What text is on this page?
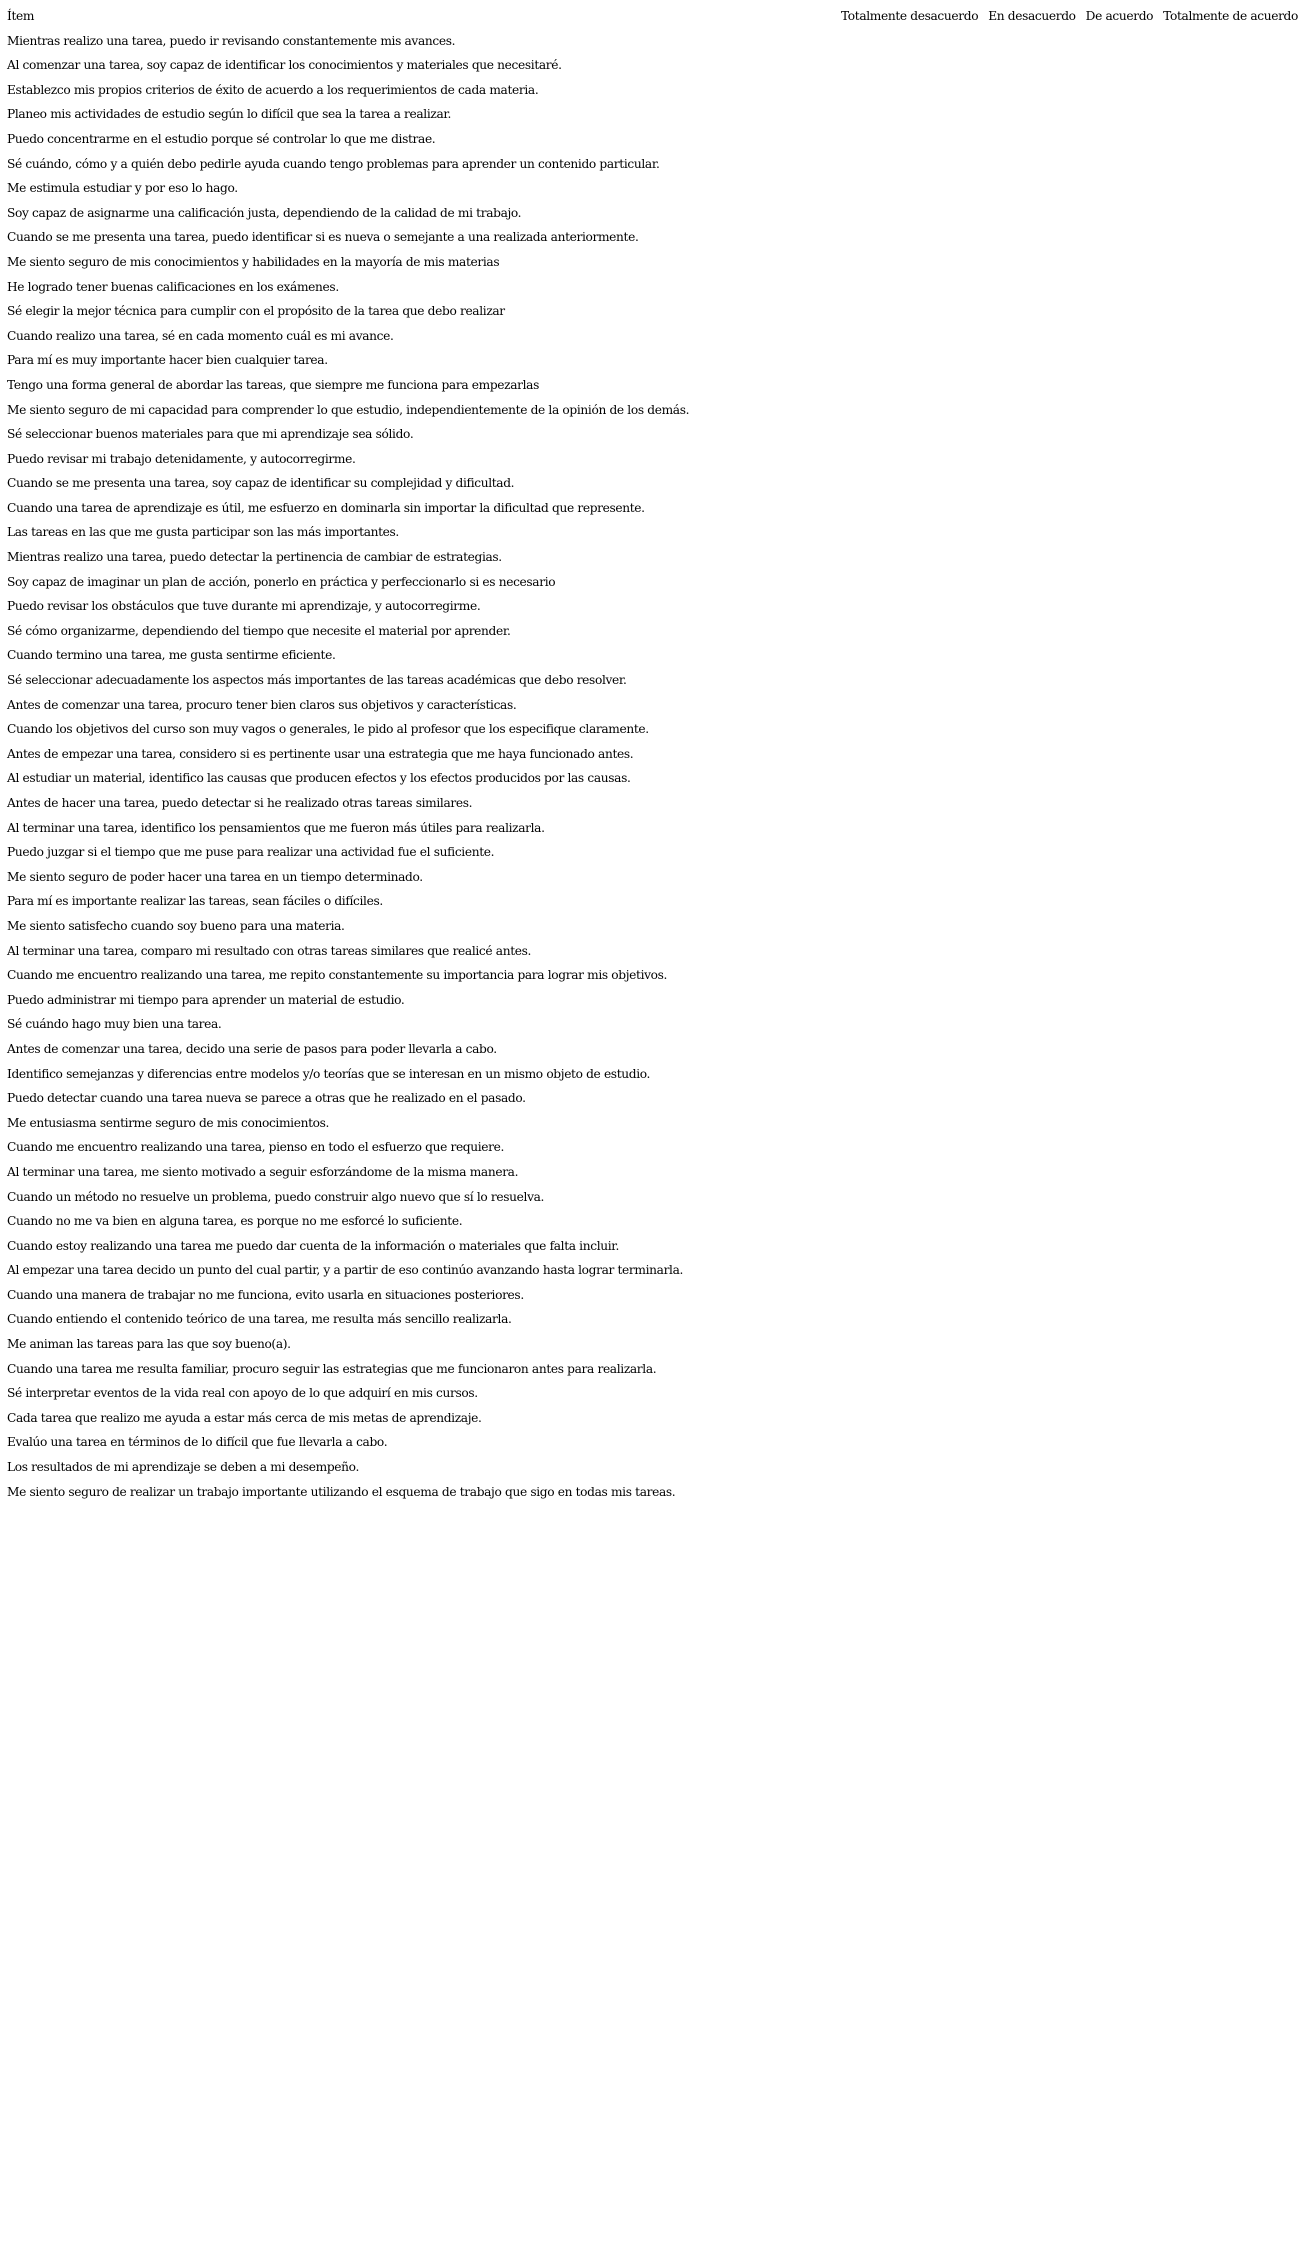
Ítem	Totalmente desacuerdo	En desacuerdo	De acuerdo	Totalmente de acuerdo
Mientras realizo una tarea, puedo ir revisando constantemente mis avances.				
Al comenzar una tarea, soy capaz de identificar los conocimientos y materiales que necesitaré.				
Establezco mis propios criterios de éxito de acuerdo a los requerimientos de cada materia.				
Planeo mis actividades de estudio según lo difícil que sea la tarea a realizar.				
Puedo concentrarme en el estudio porque sé controlar lo que me distrae.				
Sé cuándo, cómo y a quién debo pedirle ayuda cuando tengo problemas para aprender un contenido particular.				
Me estimula estudiar y por eso lo hago.				
Soy capaz de asignarme una calificación justa, dependiendo de la calidad de mi trabajo.				
Cuando se me presenta una tarea, puedo identificar si es nueva o semejante a una realizada anteriormente.				
Me siento seguro de mis conocimientos y habilidades en la mayoría de mis materias				
He logrado tener buenas calificaciones en los exámenes.				
Sé elegir la mejor técnica para cumplir con el propósito de la tarea que debo realizar				
Cuando realizo una tarea, sé en cada momento cuál es mi avance.				
Para mí es muy importante hacer bien cualquier tarea.				
Tengo una forma general de abordar las tareas, que siempre me funciona para empezarlas				
Me siento seguro de mi capacidad para comprender lo que estudio, independientemente de la opinión de los demás.				
Sé seleccionar buenos materiales para que mi aprendizaje sea sólido.				
Puedo revisar mi trabajo detenidamente, y autocorregirme.				
Cuando se me presenta una tarea, soy capaz de identificar su complejidad y dificultad.				
Cuando una tarea de aprendizaje es útil, me esfuerzo en dominarla sin importar la dificultad que represente.				
Las tareas en las que me gusta participar son las más importantes.				
Mientras realizo una tarea, puedo detectar la pertinencia de cambiar de estrategias.				
Soy capaz de imaginar un plan de acción, ponerlo en práctica y perfeccionarlo si es necesario				
Puedo revisar los obstáculos que tuve durante mi aprendizaje, y autocorregirme.				
Sé cómo organizarme, dependiendo del tiempo que necesite el material por aprender.				
Cuando termino una tarea, me gusta sentirme eficiente.				
Sé seleccionar adecuadamente los aspectos más importantes de las tareas académicas que debo resolver.				
Antes de comenzar una tarea, procuro tener bien claros sus objetivos y características.				
Cuando los objetivos del curso son muy vagos o generales, le pido al profesor que los especifique claramente.				
Antes de empezar una tarea, considero si es pertinente usar una estrategia que me haya funcionado antes.				
Al estudiar un material, identifico las causas que producen efectos y los efectos producidos por las causas.				
Antes de hacer una tarea, puedo detectar si he realizado otras tareas similares.				
Al terminar una tarea, identifico los pensamientos que me fueron más útiles para realizarla.				
Puedo juzgar si el tiempo que me puse para realizar una actividad fue el suficiente.				
Me siento seguro de poder hacer una tarea en un tiempo determinado.				
Para mí es importante realizar las tareas, sean fáciles o difíciles.				
Me siento satisfecho cuando soy bueno para una materia.				
Al terminar una tarea, comparo mi resultado con otras tareas similares que realicé antes.				
Cuando me encuentro realizando una tarea, me repito constantemente su importancia para lograr mis objetivos.				
Puedo administrar mi tiempo para aprender un material de estudio.				
Sé cuándo hago muy bien una tarea.				
Antes de comenzar una tarea, decido una serie de pasos para poder llevarla a cabo.				
Identifico semejanzas y diferencias entre modelos y/o teorías que se interesan en un mismo objeto de estudio.				
Puedo detectar cuando una tarea nueva se parece a otras que he realizado en el pasado.				
Me entusiasma sentirme seguro de mis conocimientos.				
Cuando me encuentro realizando una tarea, pienso en todo el esfuerzo que requiere.				
Al terminar una tarea, me siento motivado a seguir esforzándome de la misma manera.				
Cuando un método no resuelve un problema, puedo construir algo nuevo que sí lo resuelva.				
Cuando no me va bien en alguna tarea, es porque no me esforcé lo suficiente.				
Cuando estoy realizando una tarea me puedo dar cuenta de la información o materiales que falta incluir.				
Al empezar una tarea decido un punto del cual partir, y a partir de eso continúo avanzando hasta lograr terminarla.				
Cuando una manera de trabajar no me funciona, evito usarla en situaciones posteriores.				
Cuando entiendo el contenido teórico de una tarea, me resulta más sencillo realizarla.				
Me animan las tareas para las que soy bueno(a).				
Cuando una tarea me resulta familiar, procuro seguir las estrategias que me funcionaron antes para realizarla.				
Sé interpretar eventos de la vida real con apoyo de lo que adquirí en mis cursos.				
Cada tarea que realizo me ayuda a estar más cerca de mis metas de aprendizaje.				
Evalúo una tarea en términos de lo difícil que fue llevarla a cabo.				
Los resultados de mi aprendizaje se deben a mi desempeño.				
Me siento seguro de realizar un trabajo importante utilizando el esquema de trabajo que sigo en todas mis tareas.				
